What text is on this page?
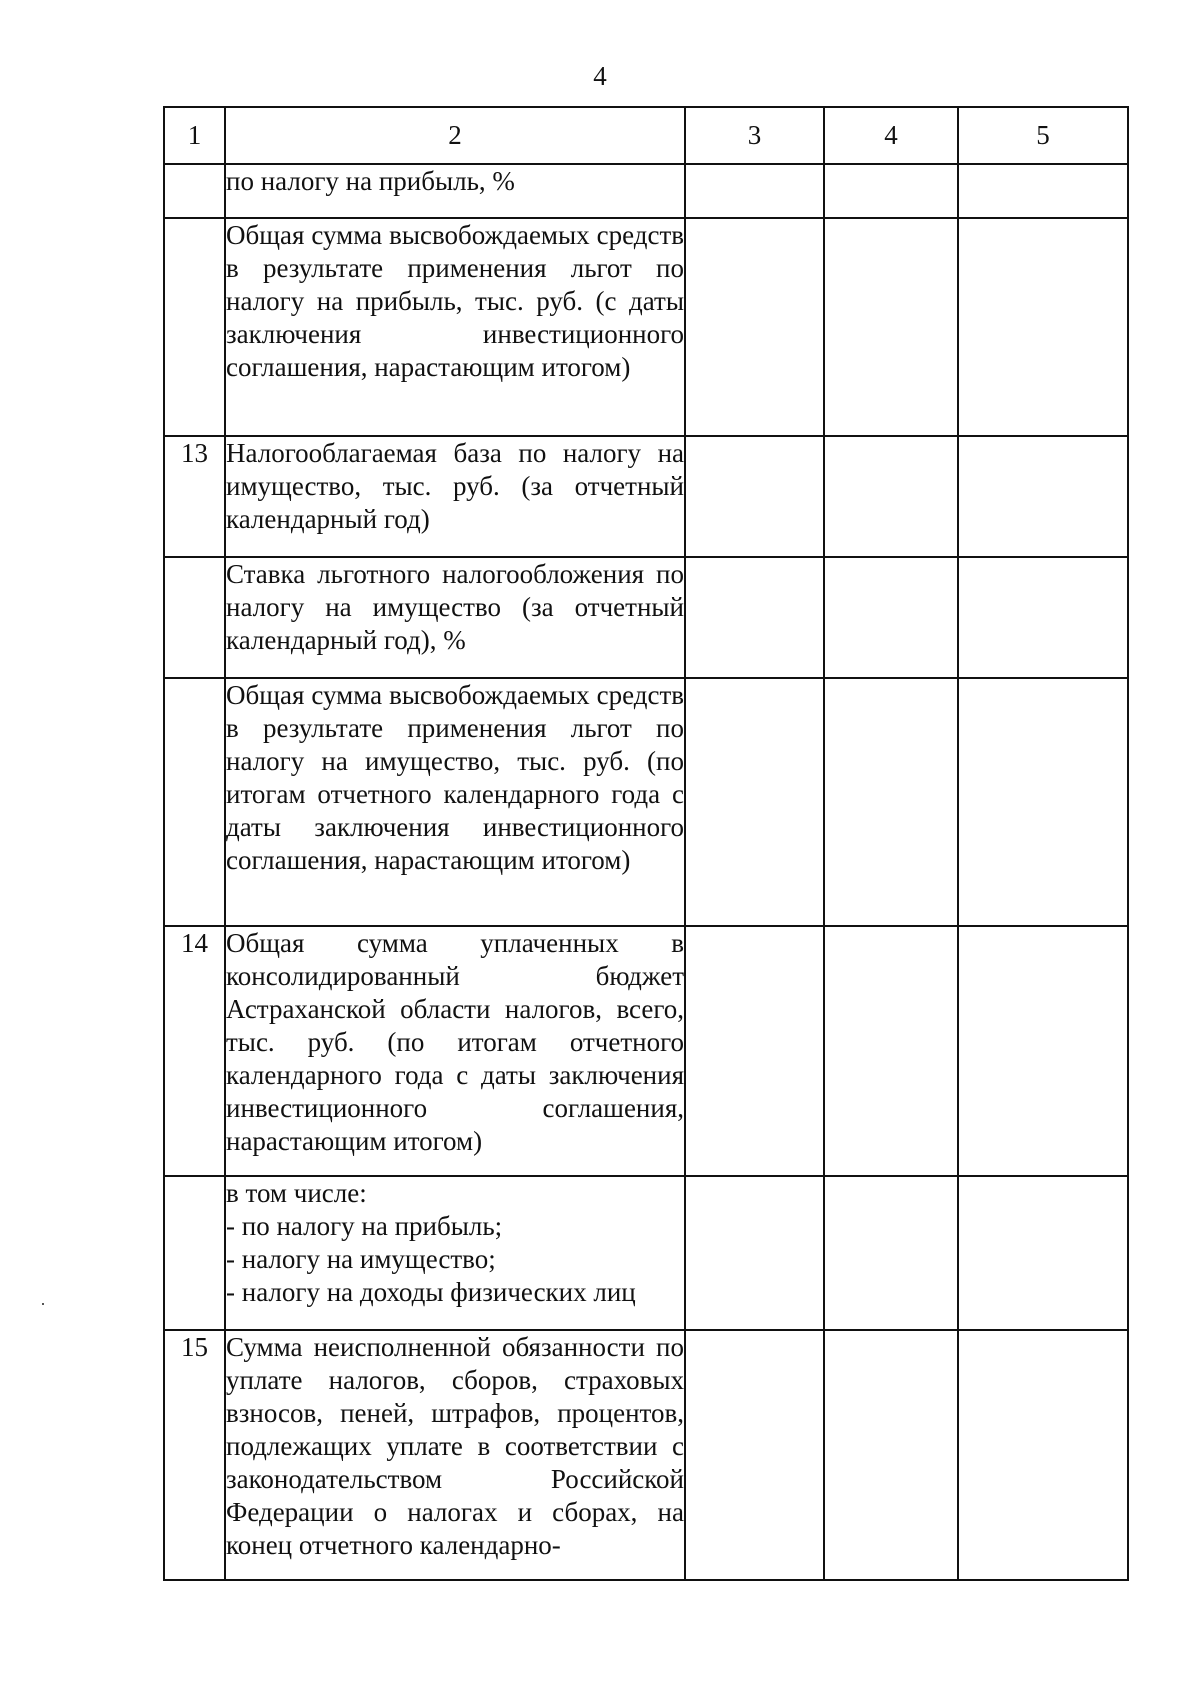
4
1	2	3	4	5
	по налогу на прибыль, %			
	Общая сумма высвобождаемых средств в результате применения льгот по налогу на прибыль, тыс. руб. (с даты заключения инвестиционного соглашения, нарастающим итогом)			
13	Налогооблагаемая база по налогу на имущество, тыс. руб. (за отчетный календарный год)			
	Ставка льготного налогообложения по налогу на имущество (за отчетный календарный год), %			
	Общая сумма высвобождаемых средств в результате применения льгот по налогу на имущество, тыс. руб. (по итогам отчетного календарного года с даты заключения инвестиционного соглашения, нарастающим итогом)			
14	Общая сумма уплаченных в консолидированный бюджет Астраханской области налогов, всего, тыс. руб. (по итогам отчетного календарного года с даты заключения инвестиционного соглашения, нарастающим итогом)			

	в том числе:
- по налогу на прибыль;
- налогу на имущество;
- налогу на доходы физических лиц			

15	Сумма неисполненной обязанности по уплате налогов, сборов, страховых взносов, пеней, штрафов, процентов, подлежащих уплате в соответствии с законодательством Российской Федерации о налогах и сборах, на конец отчетного календарно-			
